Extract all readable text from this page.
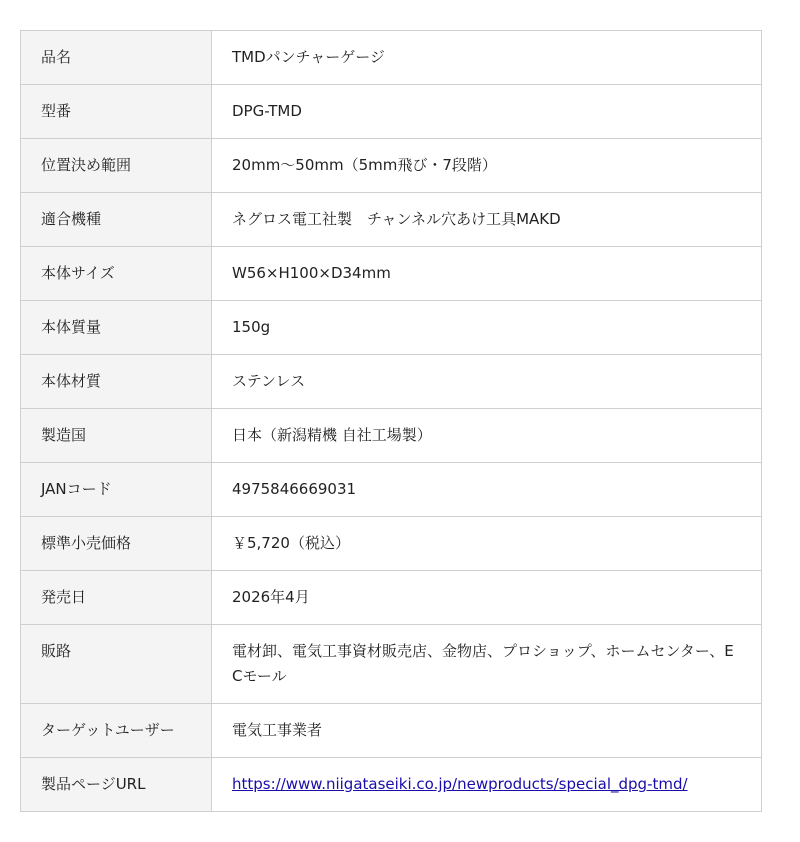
品名	TMDパンチャーゲージ
型番	DPG-TMD
位置決め範囲	20mm～50mm（5mm飛び・7段階）
適合機種	ネグロス電工社製　チャンネル穴あけ工具MAKD
本体サイズ	W56×H100×D34mm
本体質量	150g
本体材質	ステンレス
製造国	日本（新潟精機 自社工場製）
JANコード	4975846669031
標準小売価格	￥5,720（税込）
発売日	2026年4月
販路	電材卸、電気工事資材販売店、金物店、プロショップ、ホームセンター、ECモール
ターゲットユーザー	電気工事業者
製品ページURL	https://www.niigataseiki.co.jp/newproducts/special_dpg-tmd/
